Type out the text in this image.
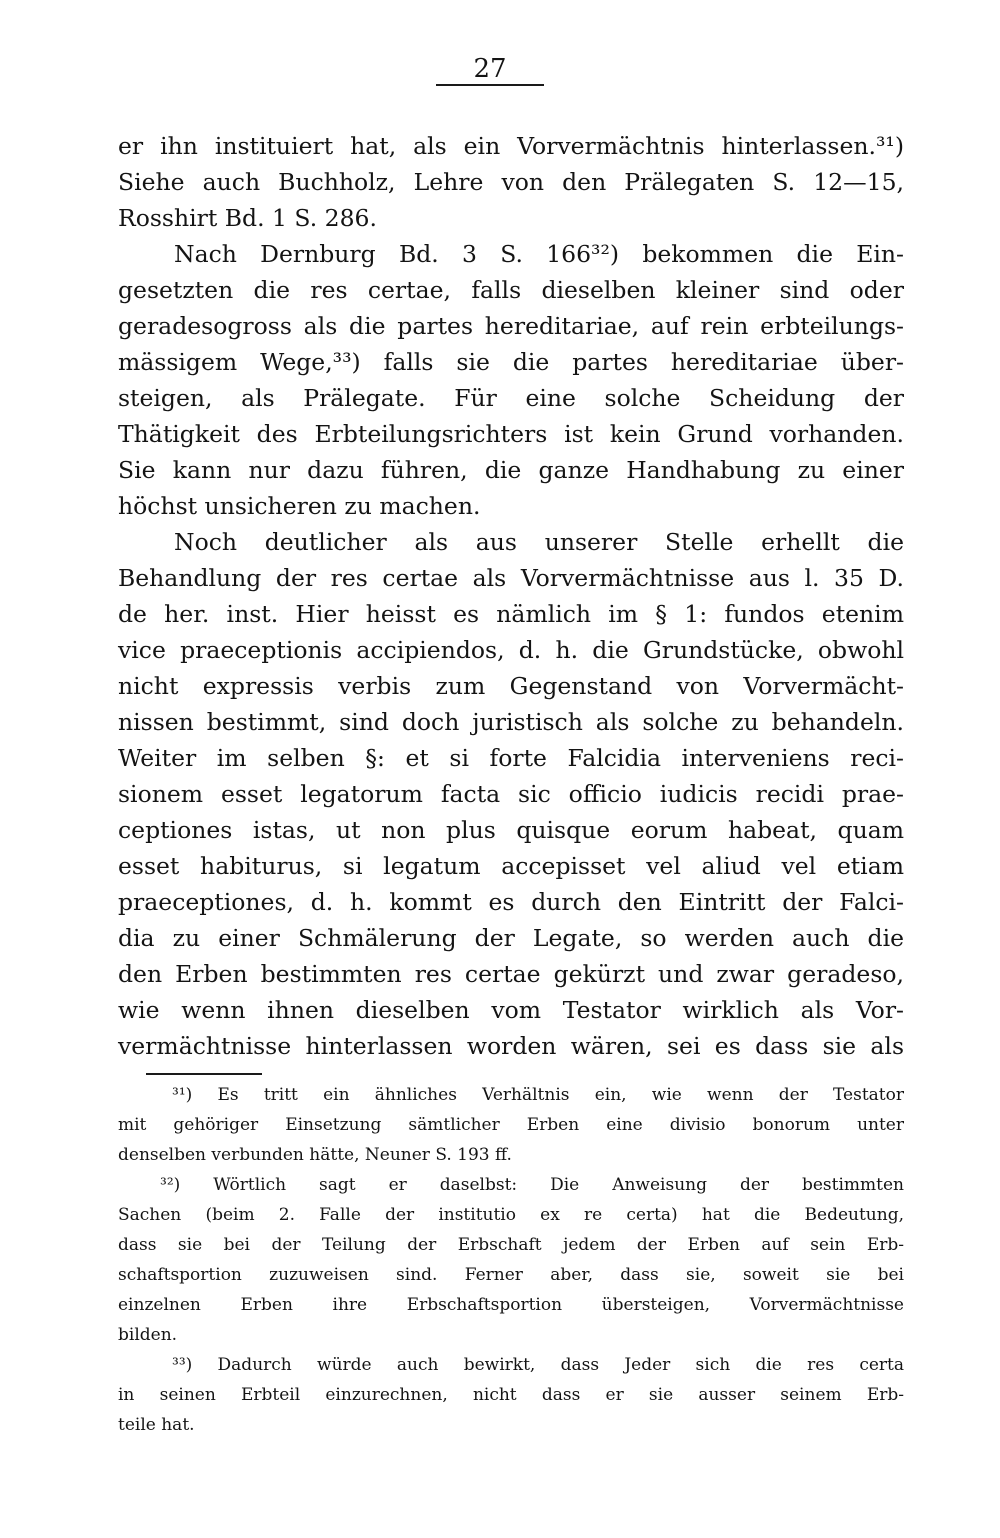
27
er ihn instituiert hat, als ein Vorvermächtnis hinterlassen.³¹)
Siehe auch Buchholz, Lehre von den Prälegaten S. 12—15,
Rosshirt Bd. 1 S. 286.
Nach Dernburg Bd. 3 S. 166³²) bekommen die Ein-
gesetzten die res certae, falls dieselben kleiner sind oder
geradesogross als die partes hereditariae, auf rein erbteilungs-
mässigem Wege,³³) falls sie die partes hereditariae über-
steigen, als Prälegate. Für eine solche Scheidung der
Thätigkeit des Erbteilungsrichters ist kein Grund vorhanden.
Sie kann nur dazu führen, die ganze Handhabung zu einer
höchst unsicheren zu machen.
Noch deutlicher als aus unserer Stelle erhellt die
Behandlung der res certae als Vorvermächtnisse aus l. 35 D.
de her. inst. Hier heisst es nämlich im § 1: fundos etenim
vice praeceptionis accipiendos, d. h. die Grundstücke, obwohl
nicht expressis verbis zum Gegenstand von Vorvermächt-
nissen bestimmt, sind doch juristisch als solche zu behandeln.
Weiter im selben §: et si forte Falcidia interveniens reci-
sionem esset legatorum facta sic officio iudicis recidi prae-
ceptiones istas, ut non plus quisque eorum habeat, quam
esset habiturus, si legatum accepisset vel aliud vel etiam
praeceptiones, d. h. kommt es durch den Eintritt der Falci-
dia zu einer Schmälerung der Legate, so werden auch die
den Erben bestimmten res certae gekürzt und zwar geradeso,
wie wenn ihnen dieselben vom Testator wirklich als Vor-
vermächtnisse hinterlassen worden wären, sei es dass sie als
³¹) Es tritt ein ähnliches Verhältnis ein, wie wenn der Testator
mit gehöriger Einsetzung sämtlicher Erben eine divisio bonorum unter
denselben verbunden hätte, Neuner S. 193 ff.
³²) Wörtlich sagt er daselbst: Die Anweisung der bestimmten
Sachen (beim 2. Falle der institutio ex re certa) hat die Bedeutung,
dass sie bei der Teilung der Erbschaft jedem der Erben auf sein Erb-
schaftsportion zuzuweisen sind. Ferner aber, dass sie, soweit sie bei
einzelnen Erben ihre Erbschaftsportion übersteigen, Vorvermächtnisse
bilden.
³³) Dadurch würde auch bewirkt, dass Jeder sich die res certa
in seinen Erbteil einzurechnen, nicht dass er sie ausser seinem Erb-
teile hat.
